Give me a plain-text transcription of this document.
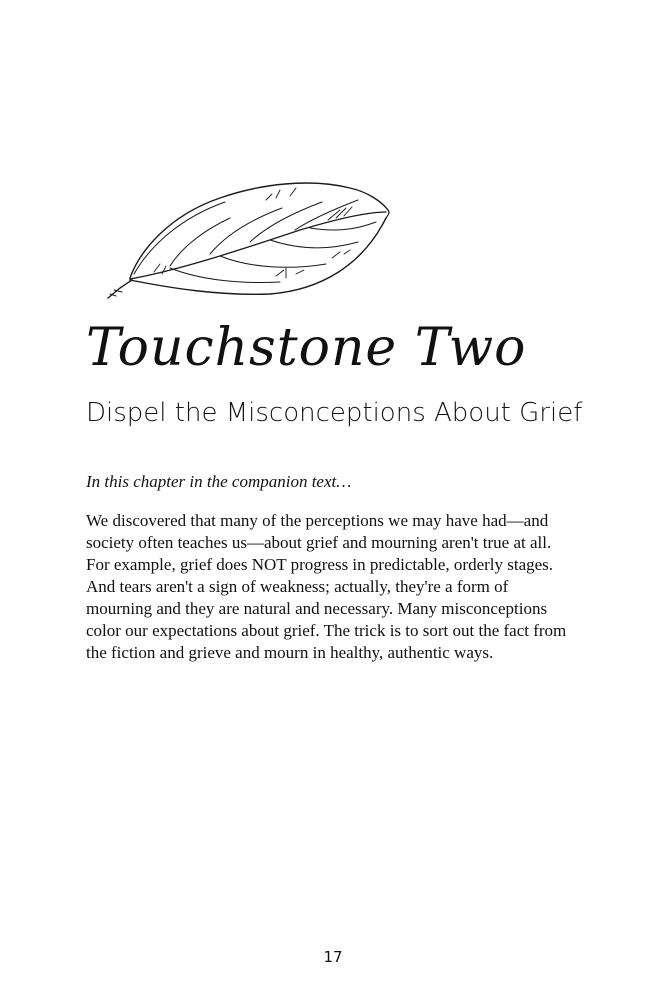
Touchstone Two
Dispel the Misconceptions About Grief

In this chapter in the companion text…

We discovered that many of the perceptions we may have had—and
society often teaches us—about grief and mourning aren't true at all.
For example, grief does NOT progress in predictable, orderly stages.
And tears aren't a sign of weakness; actually, they're a form of
mourning and they are natural and necessary. Many misconceptions
color our expectations about grief. The trick is to sort out the fact from
the fiction and grieve and mourn in healthy, authentic ways.

17
